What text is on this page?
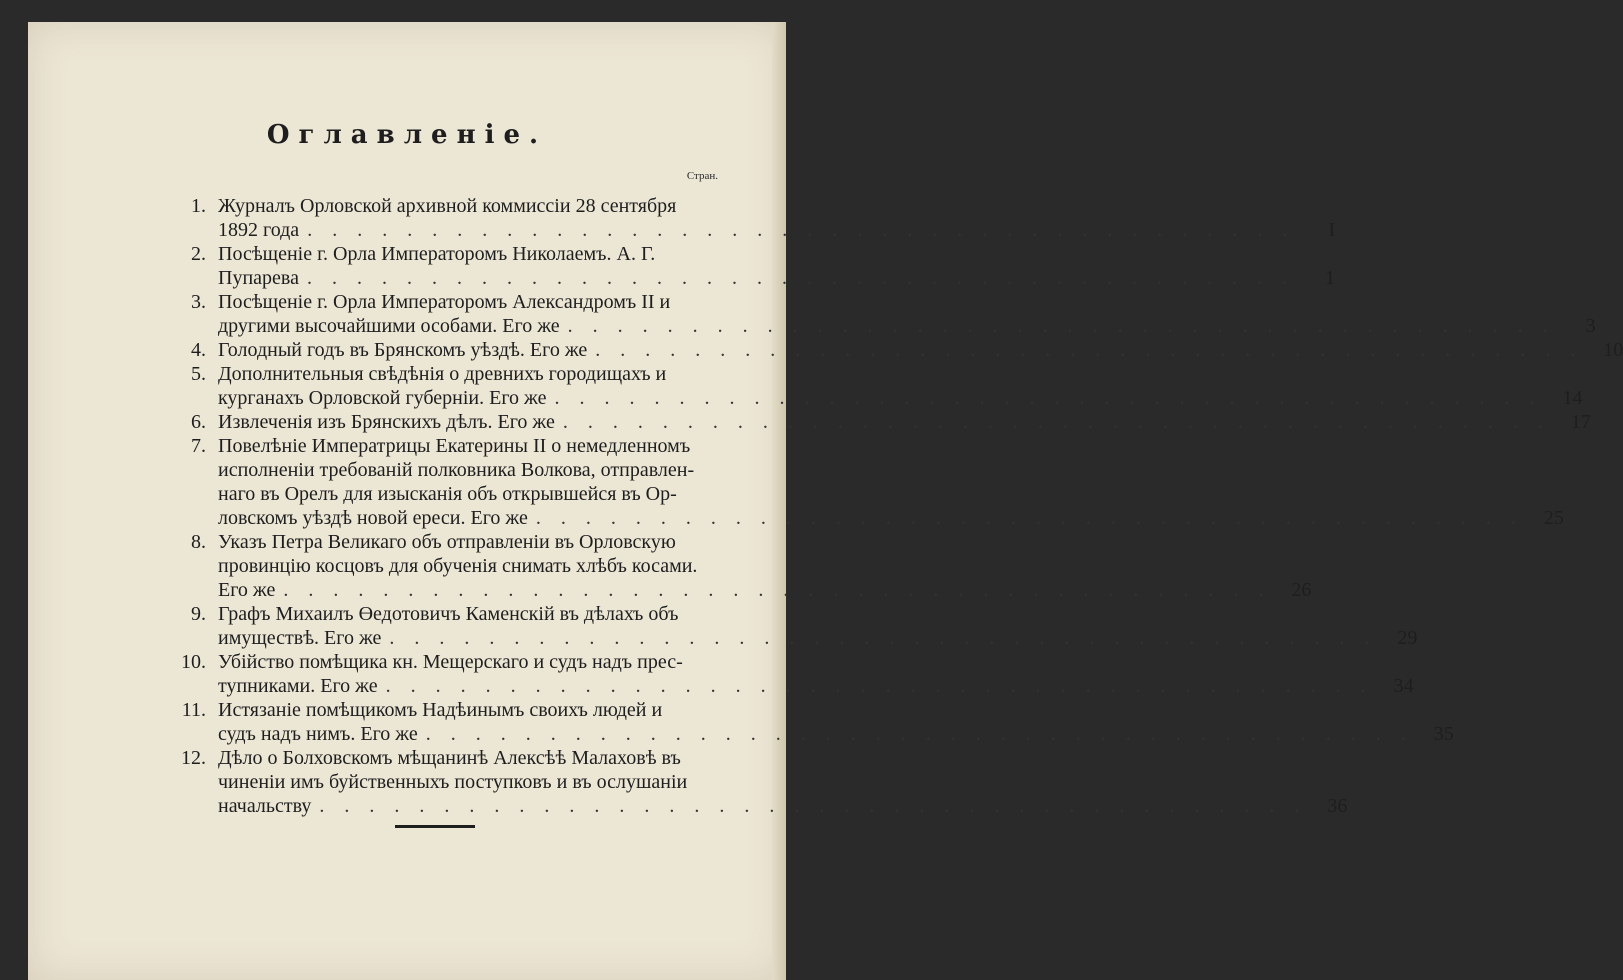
Оглавленіе.
Стран.
1. Журналъ Орловской архивной коммиссіи 28 сентября
1892 года ........................................	I
2. Посѣщеніе г. Орла Императоромъ Николаемъ. А. Г.
Пупарева ........................................ 1
3. Посѣщеніе г. Орла Императоромъ Александромъ II и
другими высочайшими особами. Его же ........................................ 3
4. Голодный годъ въ Брянскомъ уѣздѣ. Его же ........................................ 10
5. Дополнительныя свѣдѣнія о древнихъ городищахъ и
курганахъ Орловской губерніи. Его же ........................................ 14
6. Извлеченія изъ Брянскихъ дѣлъ. Его же ........................................ 17
7. Повелѣніе Императрицы Екатерины II о немедленномъ
исполненіи требованій полковника Волкова, отправлен-
наго въ Орелъ для изысканія объ открывшейся въ Ор-
ловскомъ уѣздѣ новой ереси. Его же ........................................ 25
8. Указъ Петра Великаго объ отправленіи въ Орловскую
провинцію косцовъ для обученія снимать хлѣбъ косами.
Его же ........................................ 26
9. Графъ Михаилъ Өедотовичъ Каменскій въ дѣлахъ объ
имуществѣ. Его же ........................................ 29
10. Убійство помѣщика кн. Мещерскаго и судъ надъ прес-
тупниками. Его же ........................................ 34
11. Истязаніе помѣщикомъ Надѣинымъ своихъ людей и
судъ надъ нимъ. Его же ........................................ 35
12. Дѣло о Болховскомъ мѣщанинѣ Алексѣѣ Малаховѣ въ
чиненіи имъ буйственныхъ поступковъ и въ ослушаніи
начальству ........................................ 36
